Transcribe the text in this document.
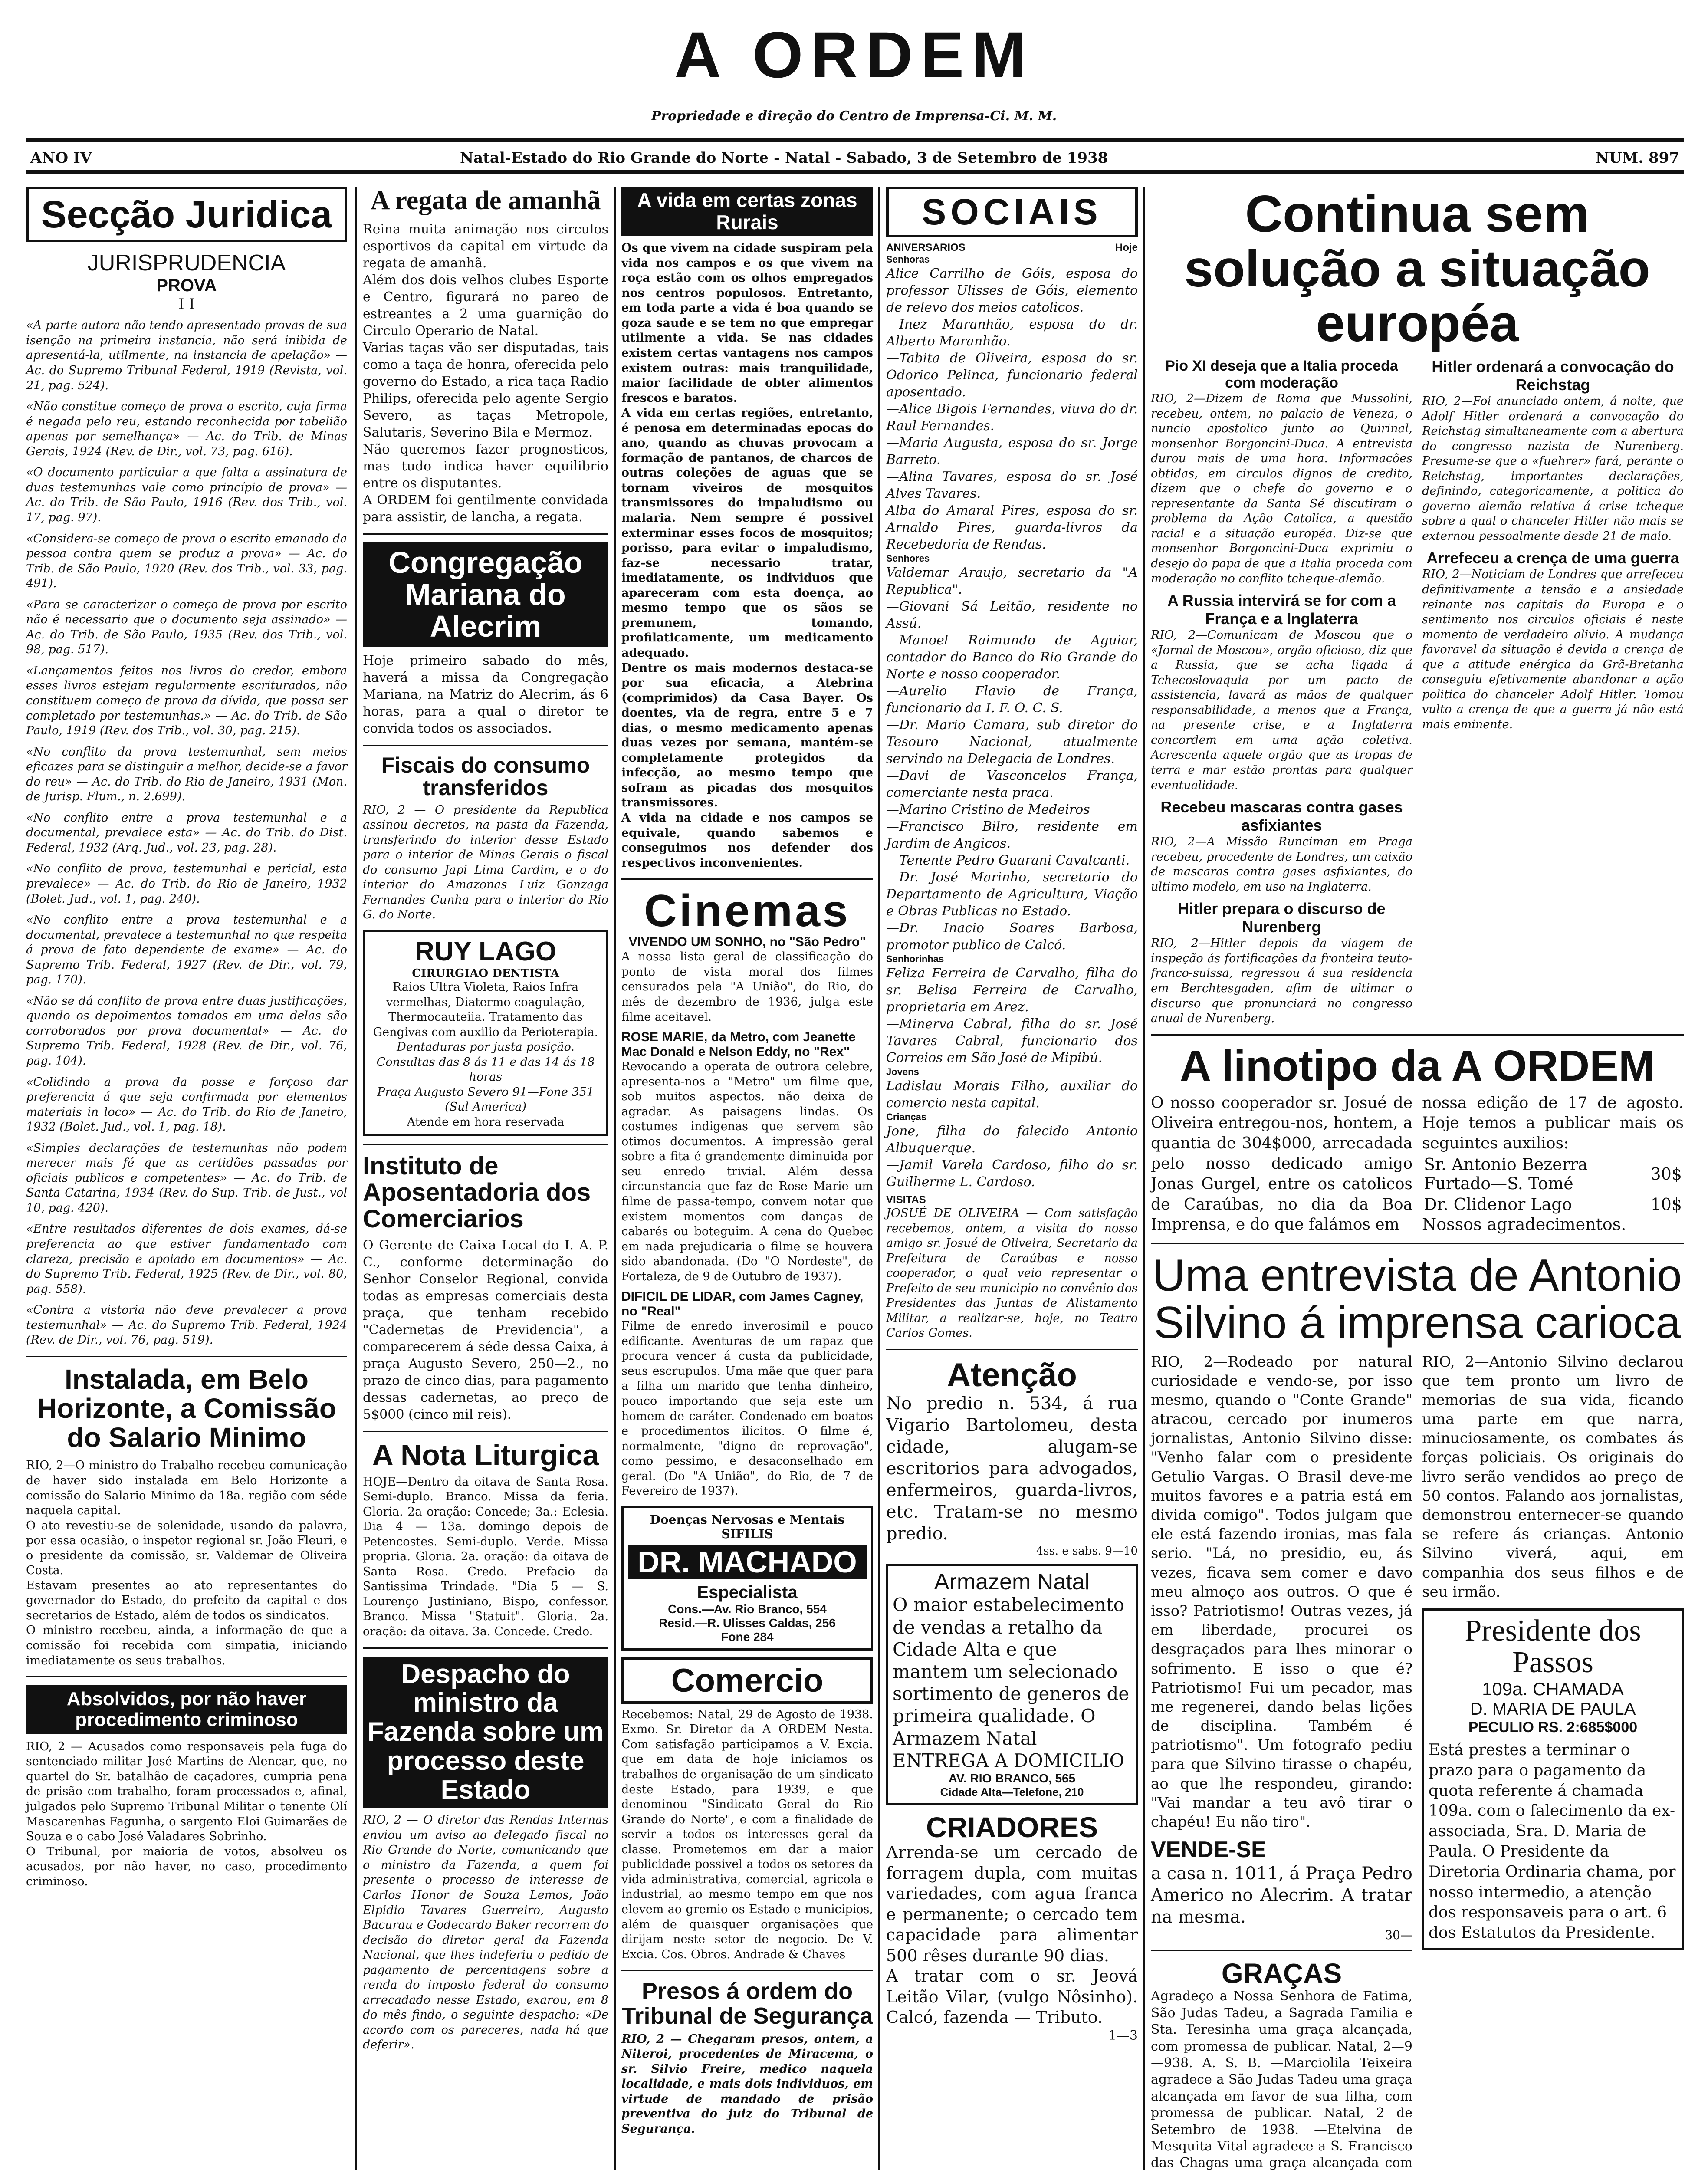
A ORDEM
Propriedade e direção do Centro de Imprensa-Ci. M. M.
ANO IV	Natal-Estado do Rio Grande do Norte - Natal - Sabado, 3 de Setembro de 1938	NUM. 897
Secção Juridica
JURISPRUDENCIA
PROVA
I I

«A parte autora não tendo apresentado provas de sua isenção na primeira instancia, não será inibida de apresentá-la, utilmente, na instancia de apelação» — Ac. do Supremo Tribunal Federal, 1919 (Revista, vol. 21, pag. 524).

«Não constitue começo de prova o escrito, cuja firma é negada pelo reu, estando reconhecida por tabelião apenas por semelhança» — Ac. do Trib. de Minas Gerais, 1924 (Rev. de Dir., vol. 73, pag. 616).

«O documento particular a que falta a assinatura de duas testemunhas vale como princípio de prova» — Ac. do Trib. de São Paulo, 1916 (Rev. dos Trib., vol. 17, pag. 97).

«Considera-se começo de prova o escrito emanado da pessoa contra quem se produz a prova» — Ac. do Trib. de São Paulo, 1920 (Rev. dos Trib., vol. 33, pag. 491).

«Para se caracterizar o começo de prova por escrito não é necessario que o documento seja assinado» — Ac. do Trib. de São Paulo, 1935 (Rev. dos Trib., vol. 98, pag. 517).

«Lançamentos feitos nos livros do credor, embora esses livros estejam regularmente escriturados, não constituem começo de prova da dívida, que possa ser completado por testemunhas.» — Ac. do Trib. de São Paulo, 1919 (Rev. dos Trib., vol. 30, pag. 215).

«No conflito da prova testemunhal, sem meios eficazes para se distinguir a melhor, decide-se a favor do reu» — Ac. do Trib. do Rio de Janeiro, 1931 (Mon. de Jurisp. Flum., n. 2.699).

«No conflito entre a prova testemunhal e a documental, prevalece esta» — Ac. do Trib. do Dist. Federal, 1932 (Arq. Jud., vol. 23, pag. 28).

«No conflito de prova, testemunhal e pericial, esta prevalece» — Ac. do Trib. do Rio de Janeiro, 1932 (Bolet. Jud., vol. 1, pag. 240).

«No conflito entre a prova testemunhal e a documental, prevalece a testemunhal no que respeita á prova de fato dependente de exame» — Ac. do Supremo Trib. Federal, 1927 (Rev. de Dir., vol. 79, pag. 170).

«Não se dá conflito de prova entre duas justificações, quando os depoimentos tomados em uma delas são corroborados por prova documental» — Ac. do Supremo Trib. Federal, 1928 (Rev. de Dir., vol. 76, pag. 104).

«Colidindo a prova da posse e forçoso dar preferencia á que seja confirmada por elementos materiais in loco» — Ac. do Trib. do Rio de Janeiro, 1932 (Bolet. Jud., vol. 1, pag. 18).

«Simples declarações de testemunhas não podem merecer mais fé que as certidões passadas por oficiais publicos e competentes» — Ac. do Trib. de Santa Catarina, 1934 (Rev. do Sup. Trib. de Just., vol 10, pag. 420).

«Entre resultados diferentes de dois exames, dá-se preferencia ao que estiver fundamentado com clareza, precisão e apoiado em documentos» — Ac. do Supremo Trib. Federal, 1925 (Rev. de Dir., vol. 80, pag. 558).

«Contra a vistoria não deve prevalecer a prova testemunhal» — Ac. do Supremo Trib. Federal, 1924 (Rev. de Dir., vol. 76, pag. 519).

Instalada, em Belo Horizonte, a Comissão do Salario Minimo

RIO, 2—O ministro do Trabalho recebeu comunicação de haver sido instalada em Belo Horizonte a comissão do Salario Minimo da 18a. região com séde naquela capital.

O ato revestiu-se de solenidade, usando da palavra, por essa ocasião, o inspetor regional sr. João Fleuri, e o presidente da comissão, sr. Valdemar de Oliveira Costa.

Estavam presentes ao ato representantes do governador do Estado, do prefeito da capital e dos secretarios de Estado, além de todos os sindicatos.

O ministro recebeu, ainda, a informação de que a comissão foi recebida com simpatia, iniciando imediatamente os seus trabalhos.

Absolvidos, por não haver procedimento criminoso

RIO, 2 — Acusados como responsaveis pela fuga do sentenciado militar José Martins de Alencar, que, no quartel do Sr. batalhão de caçadores, cumpria pena de prisão com trabalho, foram processados e, afinal, julgados pelo Supremo Tribunal Militar o tenente Olí Mascarenhas Fagunha, o sargento Eloi Guimarães de Souza e o cabo José Valadares Sobrinho.

O Tribunal, por maioria de votos, absolveu os acusados, por não haver, no caso, procedimento criminoso.

A regata de amanhã

Reina muita animação nos circulos esportivos da capital em virtude da regata de amanhã.

Além dos dois velhos clubes Esporte e Centro, figurará no pareo de estreantes a 2 uma guarnição do Circulo Operario de Natal.

Varias taças vão ser disputadas, tais como a taça de honra, oferecida pelo governo do Estado, a rica taça Radio Philips, oferecida pelo agente Sergio Severo, as taças Metropole, Salutaris, Severino Bila e Mermoz.

Não queremos fazer prognosticos, mas tudo indica haver equilibrio entre os disputantes.

A ORDEM foi gentilmente convidada para assistir, de lancha, a regata.

Congregação Mariana do Alecrim

Hoje primeiro sabado do mês, haverá a missa da Congregação Mariana, na Matriz do Alecrim, ás 6 horas, para a qual o diretor te convida todos os associados.

Fiscais do consumo transferidos

RIO, 2 — O presidente da Republica assinou decretos, na pasta da Fazenda, transferindo do interior desse Estado para o interior de Minas Gerais o fiscal do consumo Japi Lima Cardim, e o do interior do Amazonas Luiz Gonzaga Fernandes Cunha para o interior do Rio G. do Norte.

RUY LAGO
CIRURGIAO DENTISTA

Raios Ultra Violeta, Raios Infra vermelhas, Diatermo coagulação, Thermocauteiia. Tratamento das Gengivas com auxilio da Perioterapia.

Dentaduras por justa posição. Consultas das 8 ás 11 e das 14 ás 18 horas

Praça Augusto Severo 91—Fone 351 (Sul America)

Atende em hora reservada

Instituto de Aposentadoria dos Comerciarios

O Gerente de Caixa Local do I. A. P. C., conforme determinação do Senhor Conselor Regional, convida todas as empresas comerciais desta praça, que tenham recebido "Cadernetas de Previdencia", a comparecerem á séde dessa Caixa, á praça Augusto Severo, 250—2., no prazo de cinco dias, para pagamento dessas cadernetas, ao preço de 5$000 (cinco mil reis).

A Nota Liturgica

HOJE—Dentro da oitava de Santa Rosa. Semi-duplo. Branco. Missa da feria. Gloria. 2a oração: Concede; 3a.: Eclesia. Dia 4 — 13a. domingo depois de Petencostes. Semi-duplo. Verde. Missa propria. Gloria. 2a. oração: da oitava de Santa Rosa. Credo. Prefacio da Santissima Trindade. "Dia 5 — S. Lourenço Justiniano, Bispo, confessor. Branco. Missa "Statuit". Gloria. 2a. oração: da oitava. 3a. Concede. Credo.

Despacho do ministro da Fazenda sobre um processo deste Estado

RIO, 2 — O diretor das Rendas Internas enviou um aviso ao delegado fiscal no Rio Grande do Norte, comunicando que o ministro da Fazenda, a quem foi presente o processo de interesse de Carlos Honor de Souza Lemos, João Elpidio Tavares Guerreiro, Augusto Bacurau e Godecardo Baker recorrem do decisão do diretor geral da Fazenda Nacional, que lhes indeferiu o pedido de pagamento de percentagens sobre a renda do imposto federal do consumo arrecadado nesse Estado, exarou, em 8 do mês findo, o seguinte despacho: «De acordo com os pareceres, nada há que deferir».

A vida em certas zonas Rurais

Os que vivem na cidade suspiram pela vida nos campos e os que vivem na roça estão com os olhos empregados nos centros populosos. Entretanto, em toda parte a vida é boa quando se goza saude e se tem no que empregar utilmente a vida. Se nas cidades existem certas vantagens nos campos existem outras: mais tranquilidade, maior facilidade de obter alimentos frescos e baratos.

A vida em certas regiões, entretanto, é penosa em determinadas epocas do ano, quando as chuvas provocam a formação de pantanos, de charcos de outras coleções de aguas que se tornam viveiros de mosquitos transmissores do impaludismo ou malaria. Nem sempre é possivel exterminar esses focos de mosquitos; porisso, para evitar o impaludismo, faz-se necessario tratar, imediatamente, os individuos que apareceram com esta doença, ao mesmo tempo que os sãos se premunem, tomando, profilaticamente, um medicamento adequado.

Dentre os mais modernos destaca-se por sua eficacia, a Atebrina (comprimidos) da Casa Bayer. Os doentes, via de regra, entre 5 e 7 dias, o mesmo medicamento apenas duas vezes por semana, mantém-se completamente protegidos da infecção, ao mesmo tempo que sofram as picadas dos mosquitos transmissores.

A vida na cidade e nos campos se equivale, quando sabemos e conseguimos nos defender dos respectivos inconvenientes.

Cinemas
VIVENDO UM SONHO, no "São Pedro"

A nossa lista geral de classificação do ponto de vista moral dos filmes censurados pela "A União", do Rio, do mês de dezembro de 1936, julga este filme aceitavel.

ROSE MARIE, da Metro, com Jeanette Mac Donald e Nelson Eddy, no "Rex"

Revocando a operata de outrora celebre, apresenta-nos a "Metro" um filme que, sob muitos aspectos, não deixa de agradar. As paisagens lindas. Os costumes indigenas que servem são otimos documentos. A impressão geral sobre a fita é grandemente diminuida por seu enredo trivial. Além dessa circunstancia que faz de Rose Marie um filme de passa-tempo, convem notar que existem momentos com danças de cabarés ou boteguim. A cena do Quebec em nada prejudicaria o filme se houvera sido abandonada. (Do "O Nordeste", de Fortaleza, de 9 de Outubro de 1937).

DIFICIL DE LIDAR, com James Cagney, no "Real"

Filme de enredo inverosimil e pouco edificante. Aventuras de um rapaz que procura vencer á custa da publicidade, seus escrupulos. Uma mãe que quer para a filha um marido que tenha dinheiro, pouco importando que seja este um homem de caráter. Condenado em boatos e procedimentos ilicitos. O filme é, normalmente, "digno de reprovação", como pessimo, e desaconselhado em geral. (Do "A União", do Rio, de 7 de Fevereiro de 1937).

Doenças Nervosas e Mentais SIFILIS
DR. MACHADO
Especialista
Cons.—Av. Rio Branco, 554
Resid.—R. Ulisses Caldas, 256
Fone 284
Comercio

Recebemos: Natal, 29 de Agosto de 1938. Exmo. Sr. Diretor da A ORDEM Nesta. Com satisfação participamos a V. Excia. que em data de hoje iniciamos os trabalhos de organisação de um sindicato deste Estado, para 1939, e que denominou "Sindicato Geral do Rio Grande do Norte", e com a finalidade de servir a todos os interesses geral da classe. Prometemos em dar a maior publicidade possivel a todos os setores da vida administrativa, comercial, agricola e industrial, ao mesmo tempo em que nos elevem ao gremio os Estado e municipios, além de quaisquer organisações que dirijam neste setor de negocio. De V. Excia. Cos. Obros. Andrade & Chaves

Presos á ordem do Tribunal de Segurança

RIO, 2 — Chegaram presos, ontem, a Niteroi, procedentes de Miracema, o sr. Silvio Freire, medico naquela localidade, e mais dois individuos, em virtude de mandado de prisão preventiva do juiz do Tribunal de Segurança.

SOCIAIS
ANIVERSARIOS	Hoje
Senhoras

Alice Carrilho de Góis, esposa do professor Ulisses de Góis, elemento de relevo dos meios catolicos.

—Inez Maranhão, esposa do dr. Alberto Maranhão.

—Tabita de Oliveira, esposa do sr. Odorico Pelinca, funcionario federal aposentado.

—Alice Bigois Fernandes, viuva do dr. Raul Fernandes.

—Maria Augusta, esposa do sr. Jorge Barreto.

—Alina Tavares, esposa do sr. José Alves Tavares.

Alba do Amaral Pires, esposa do sr. Arnaldo Pires, guarda-livros da Recebedoria de Rendas.

Senhores

Valdemar Araujo, secretario da "A Republica".

—Giovani Sá Leitão, residente no Assú.

—Manoel Raimundo de Aguiar, contador do Banco do Rio Grande do Norte e nosso cooperador.

—Aurelio Flavio de França, funcionario da I. F. O. C. S.

—Dr. Mario Camara, sub diretor do Tesouro Nacional, atualmente servindo na Delegacia de Londres.

—Davi de Vasconcelos França, comerciante nesta praça.

—Marino Cristino de Medeiros

—Francisco Bilro, residente em Jardim de Angicos.

—Tenente Pedro Guarani Cavalcanti.

—Dr. José Marinho, secretario do Departamento de Agricultura, Viação e Obras Publicas no Estado.

—Dr. Inacio Soares Barbosa, promotor publico de Calcó.

Senhorinhas

Feliza Ferreira de Carvalho, filha do sr. Belisa Ferreira de Carvalho, proprietaria em Arez.

—Minerva Cabral, filha do sr. José Tavares Cabral, funcionario dos Correios em São José de Mipibú.

Jovens

Ladislau Morais Filho, auxiliar do comercio nesta capital.

Crianças

Jone, filha do falecido Antonio Albuquerque.

—Jamil Varela Cardoso, filho do sr. Guilherme L. Cardoso.

VISITAS

JOSUÉ DE OLIVEIRA — Com satisfação recebemos, ontem, a visita do nosso amigo sr. Josué de Oliveira, Secretario da Prefeitura de Caraúbas e nosso cooperador, o qual veio representar o Prefeito de seu municipio no convênio dos Presidentes das Juntas de Alistamento Militar, a realizar-se, hoje, no Teatro Carlos Gomes.

Atenção

No predio n. 534, á rua Vigario Bartolomeu, desta cidade, alugam-se escritorios para advogados, enfermeiros, guarda-livros, etc. Tratam-se no mesmo predio.

4ss. e sabs. 9—10
Armazem Natal

O maior estabelecimento de vendas a retalho da Cidade Alta e que mantem um selecionado sortimento de generos de primeira qualidade. O Armazem Natal ENTREGA A DOMICILIO

AV. RIO BRANCO, 565
Cidade Alta—Telefone, 210
CRIADORES

Arrenda-se um cercado de forragem dupla, com muitas variedades, com agua franca e permanente; o cercado tem capacidade para alimentar 500 rêses durante 90 dias.

A tratar com o sr. Jeová Leitão Vilar, (vulgo Nôsinho). Calcó, fazenda — Tributo.

1—3
Continua sem solução a situação européa
Pio XI deseja que a Italia proceda com moderação

RIO, 2—Dizem de Roma que Mussolini, recebeu, ontem, no palacio de Veneza, o nuncio apostolico junto ao Quirinal, monsenhor Borgoncini-Duca. A entrevista durou mais de uma hora. Informações obtidas, em circulos dignos de credito, dizem que o chefe do governo e o representante da Santa Sé discutiram o problema da Ação Catolica, a questão racial e a situação européa. Diz-se que monsenhor Borgoncini-Duca exprimiu o desejo do papa de que a Italia proceda com moderação no conflito tcheque-alemão.

A Russia intervirá se for com a França e a Inglaterra

RIO, 2—Comunicam de Moscou que o «Jornal de Moscou», orgão oficioso, diz que a Russia, que se acha ligada á Tchecoslovaquia por um pacto de assistencia, lavará as mãos de qualquer responsabilidade, a menos que a França, na presente crise, e a Inglaterra concordem em uma ação coletiva. Acrescenta aquele orgão que as tropas de terra e mar estão prontas para qualquer eventualidade.

Recebeu mascaras contra gases asfixiantes

RIO, 2—A Missão Runciman em Praga recebeu, procedente de Londres, um caixão de mascaras contra gases asfixiantes, do ultimo modelo, em uso na Inglaterra.

Hitler prepara o discurso de Nurenberg

RIO, 2—Hitler depois da viagem de inspeção ás fortificações da fronteira teuto-franco-suissa, regressou á sua residencia em Berchtesgaden, afim de ultimar o discurso que pronunciará no congresso anual de Nurenberg.

Hitler ordenará a convocação do Reichstag

RIO, 2—Foi anunciado ontem, á noite, que Adolf Hitler ordenará a convocação do Reichstag simultaneamente com a abertura do congresso nazista de Nurenberg. Presume-se que o «fuehrer» fará, perante o Reichstag, importantes declarações, definindo, categoricamente, a politica do governo alemão relativa á crise tcheque sobre a qual o chanceler Hitler não mais se externou pessoalmente desde 21 de maio.

Arrefeceu a crença de uma guerra

RIO, 2—Noticiam de Londres que arrefeceu definitivamente a tensão e a ansiedade reinante nas capitais da Europa e o sentimento nos circulos oficiais é neste momento de verdadeiro alivio. A mudança favoravel da situação é devida a crença de que a atitude enérgica da Grã-Bretanha conseguiu efetivamente abandonar a ação politica do chanceler Adolf Hitler. Tomou vulto a crença de que a guerra já não está mais eminente.

A linotipo da A ORDEM

O nosso cooperador sr. Josué de Oliveira entregou-nos, hontem, a quantia de 304$000, arrecadada pelo nosso dedicado amigo Jonas Gurgel, entre os catolicos de Caraúbas, no dia da Boa Imprensa, e do que falámos em

nossa edição de 17 de agosto. Hoje temos a publicar mais os seguintes auxilios:

Sr. Antonio Bezerra Furtado—S. Tomé	30$
Dr. Clidenor Lago	10$
Nossos agradecimentos.
Uma entrevista de Antonio Silvino á imprensa carioca

RIO, 2—Rodeado por natural curiosidade e vendo-se, por isso mesmo, quando o "Conte Grande" atracou, cercado por inumeros jornalistas, Antonio Silvino disse: "Venho falar com o presidente Getulio Vargas. O Brasil deve-me muitos favores e a patria está em divida comigo". Todos julgam que ele está fazendo ironias, mas fala serio. "Lá, no presidio, eu, ás vezes, ficava sem comer e davo meu almoço aos outros. O que é isso? Patriotismo! Outras vezes, já em liberdade, procurei os desgraçados para lhes minorar o sofrimento. E isso o que é? Patriotismo! Fui um pecador, mas me regenerei, dando belas lições de disciplina. Também é patriotismo". Um fotografo pediu para que Silvino tirasse o chapéu, ao que lhe respondeu, girando: "Vai mandar a teu avô tirar o chapéu! Eu não tiro".

VENDE-SE

a casa n. 1011, á Praça Pedro Americo no Alecrim. A tratar na mesma.

30—
GRAÇAS

Agradeço a Nossa Senhora de Fatima, São Judas Tadeu, a Sagrada Familia e Sta. Teresinha uma graça alcançada, com promessa de publicar. Natal, 2—9—938. A. S. B. —Marciolila Teixeira agradece a São Judas Tadeu uma graça alcançada em favor de sua filha, com promessa de publicar. Natal, 2 de Setembro de 1938. —Etelvina de Mesquita Vital agradece a S. Francisco das Chagas uma graça alcançada com

RIO, 2—Antonio Silvino declarou que tem pronto um livro de memorias de sua vida, ficando uma parte em que narra, minuciosamente, os combates ás forças policiais. Os originais do livro serão vendidos ao preço de 50 contos. Falando aos jornalistas, demonstrou enternecer-se quando se refere ás crianças. Antonio Silvino viverá, aqui, em companhia dos seus filhos e de seu irmão.

Presidente dos Passos
109a. CHAMADA
D. MARIA DE PAULA
PECULIO RS. 2:685$000

Está prestes a terminar o prazo para o pagamento da quota referente á chamada 109a. com o falecimento da ex-associada, Sra. D. Maria de Paula. O Presidente da Diretoria Ordinaria chama, por nosso intermedio, a atenção dos responsaveis para o art. 6 dos Estatutos da Presidente.
